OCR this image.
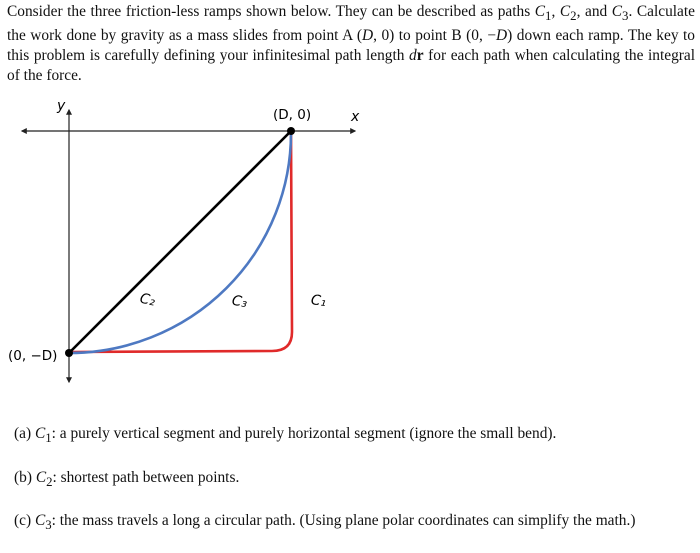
Consider the three friction-less ramps shown below. They can be described as paths $C_1$, $C_2$, and $C_3$. Calculate the work done by gravity as a mass slides from point A (D, 0) to point B (0, −D) down each ramp. The key to this problem is carefully defining your infinitesimal path length dr for each path when calculating the integral of the force.

x
y
(D, 0)
(0, −D)
C₂	C₃	C₁
(a) $C_1$: a purely vertical segment and purely horizontal segment (ignore the small bend).
(b) $C_2$: shortest path between points.
(c) $C_3$: the mass travels a long a circular path. (Using plane polar coordinates can simplify the math.)
